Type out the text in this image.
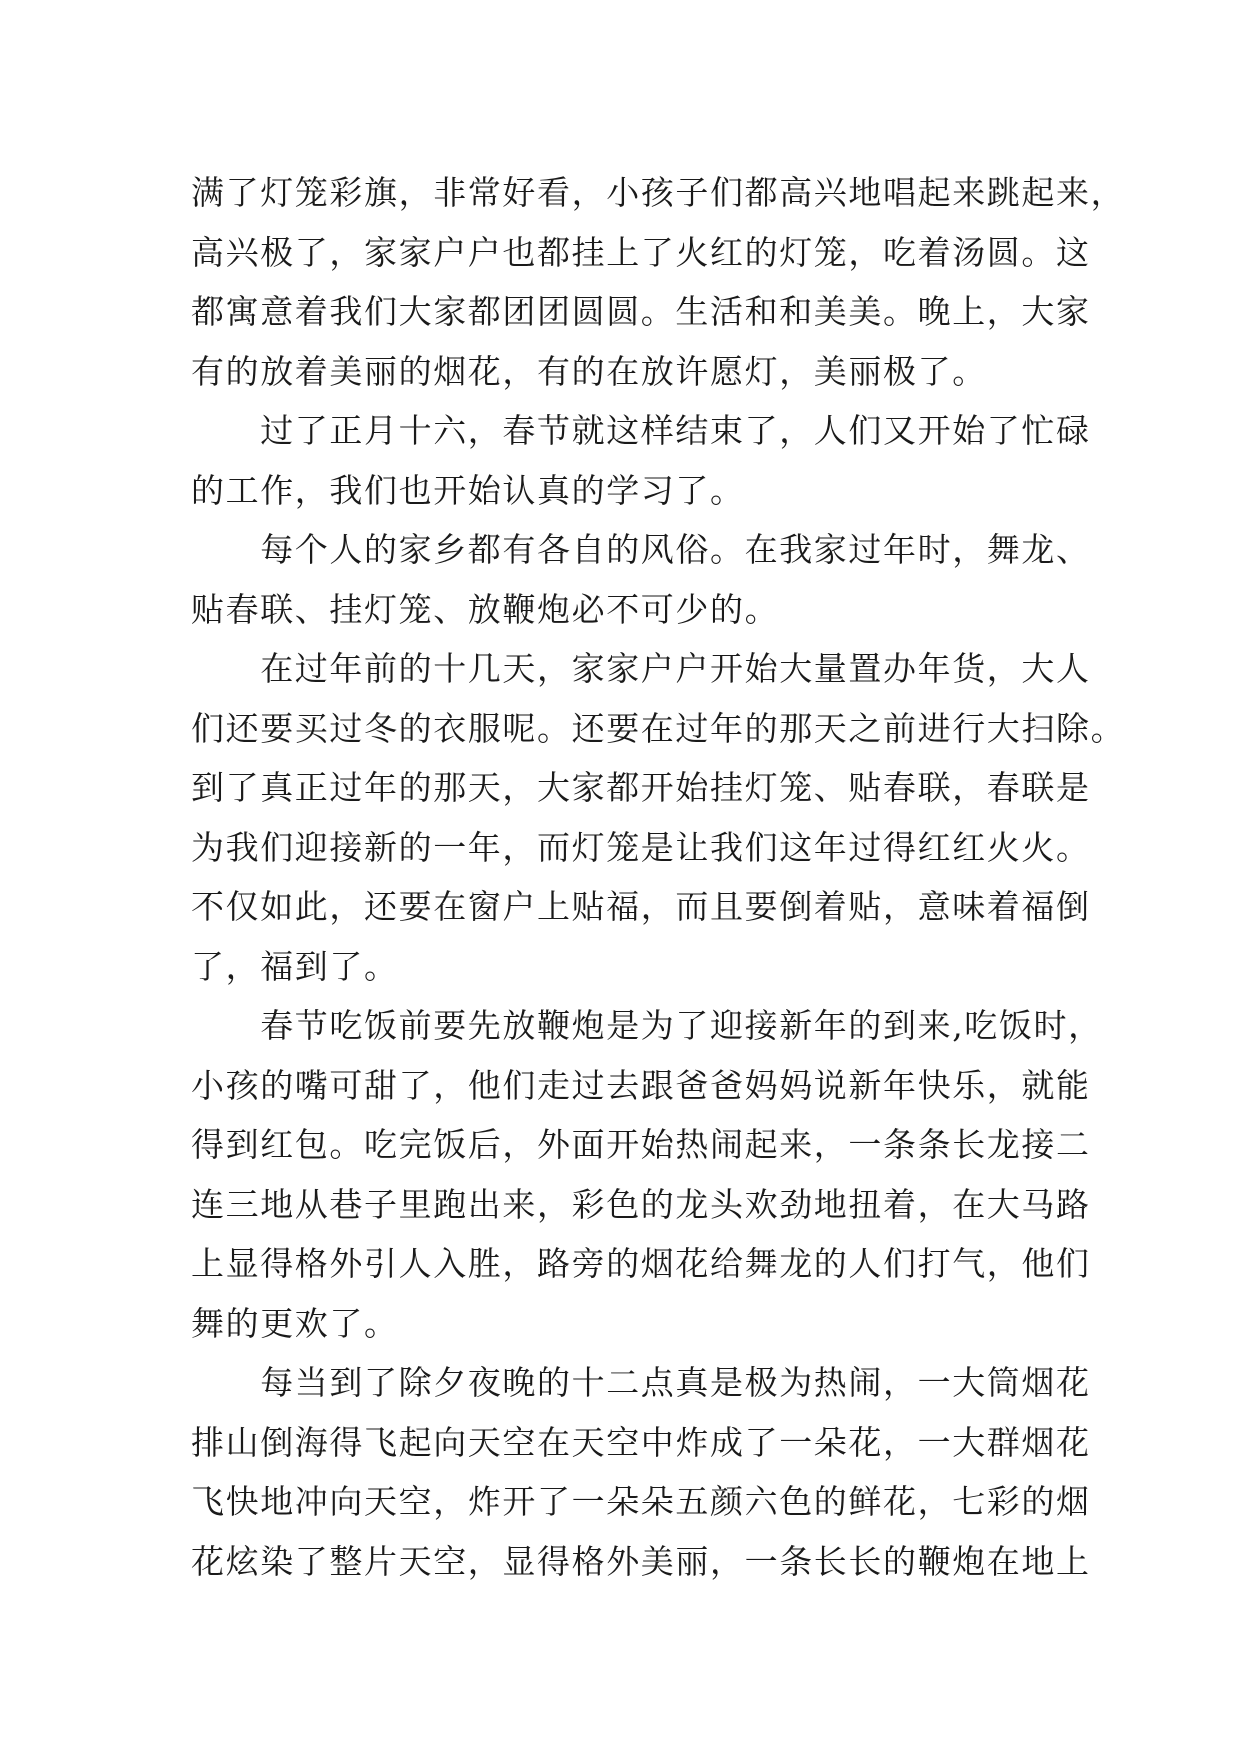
满了灯笼彩旗，非常好看，小孩子们都高兴地唱起来跳起来，
高兴极了，家家户户也都挂上了火红的灯笼，吃着汤圆。这
都寓意着我们大家都团团圆圆。生活和和美美。晚上，大家
有的放着美丽的烟花，有的在放许愿灯，美丽极了。
　　过了正月十六，春节就这样结束了，人们又开始了忙碌
的工作，我们也开始认真的学习了。
　　每个人的家乡都有各自的风俗。在我家过年时，舞龙、
贴春联、挂灯笼、放鞭炮必不可少的。
　　在过年前的十几天，家家户户开始大量置办年货，大人
们还要买过冬的衣服呢。还要在过年的那天之前进行大扫除。
到了真正过年的那天，大家都开始挂灯笼、贴春联，春联是
为我们迎接新的一年，而灯笼是让我们这年过得红红火火。
不仅如此，还要在窗户上贴福，而且要倒着贴，意味着福倒
了，福到了。
　　春节吃饭前要先放鞭炮是为了迎接新年的到来,吃饭时，
小孩的嘴可甜了，他们走过去跟爸爸妈妈说新年快乐，就能
得到红包。吃完饭后，外面开始热闹起来，一条条长龙接二
连三地从巷子里跑出来，彩色的龙头欢劲地扭着，在大马路
上显得格外引人入胜，路旁的烟花给舞龙的人们打气，他们
舞的更欢了。
　　每当到了除夕夜晚的十二点真是极为热闹，一大筒烟花
排山倒海得飞起向天空在天空中炸成了一朵花，一大群烟花
飞快地冲向天空，炸开了一朵朵五颜六色的鲜花，七彩的烟
花炫染了整片天空，显得格外美丽，一条长长的鞭炮在地上
